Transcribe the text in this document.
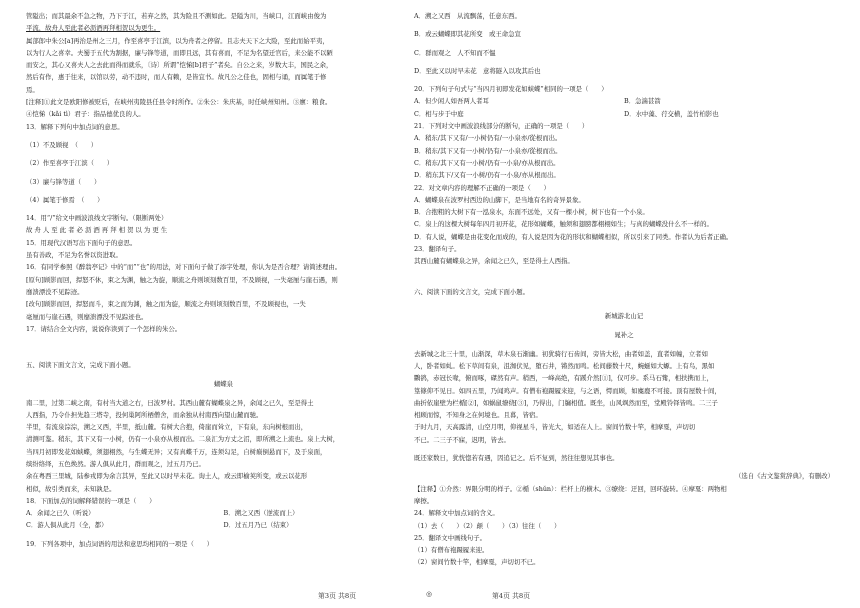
管隘出；而其最余不急之物，乃下于江，若弃之然，其为险且不测如此。是隘为川，当峡口，江面峡由俊为

平流，故舟人至此者必沥酒再拜相贺以为更生。

属部郎中朱公[a]再治是州之三月，作至喜亭于江滨，以为舟者之停留。且志夫天下之大险，至此而始平夷，

以为行人之喜幸。夫蜀于五代为割据，廉与锋等道，而即且远，其有喜而，不足为名望迁官后，来公能不以陋

而安之，其心又喜夫人之去此而得而就乐，〔诗〕所谓“恺悌[b]君子”者矣。自公之来，岁数大丰，国民之余，

然后有作，惠于往来，以馆以劳，动不违时，而人有赖，是皆宜书。故凡公之佳也，固相与诵，而属笔于修

焉。

[注释]①此文是欧阳修被贬后，在峡州夷陵县任县令时所作。②朱公：朱庆基，时任峡州知州。③廪：粮食。

④恺悌（kǎi tì）君子：指品德优良的人。

13．解释下列句中加点词的意思。

（1）不及顾视　（　　）

（2）作至喜亭于江滨（　　）

（3）廉与锋等道（　　）

（4）属笔于修焉　（　　）

14．用“/”给文中画波浪线文字断句。（限断两处）

故 舟 人 至 此 者 必 沥 酒 再 拜 相 贺 以 为 更 生

15．用现代汉语写出下面句子的意思。

虽有善政，不足为名誉以资进取。

16．有同学参照《醉翁亭记》中的“而”“也”的用法，对下面句子做了添字处理，你认为是否合理？请简述理由。

[原句]顾影而回，捍怒不休，束之为渊，触之为旋，顺流之舟则顷刻数百里，不及顾视，一失毫厘与崖石遇，则

靡溃漂没不见踪迹。

[改句]顾影而回，捍怒而斗，束之而为渊，触之而为旋，顺流之舟则顷刻数百里，不及顾视也，一失

毫厘而与崖石遇，则靡溃漂没不见踪迹也。

17．请结合全文内容，说说你读到了一个怎样的朱公。

五、阅读下面文言文，完成下面小题。

蝴蝶泉

南二里，过第二峡之南，有村当大道之右，曰波罗村。其西山麓有蝴蝶泉之异，余闻之已久，至是得土

人西指，乃令仆担先趋三塔寺，投何巢阿所栖僧舍，而余独从村南西向望山麓而驰。

半里，有流泉淙淙，溯之又西，半里，抵山麓。有树大合抱，倚崖而耸立，下有泉，东向树根而出，

清测可鉴。稍东，其下又有一小树，仍有一小泉亦从根而出。二泉汇为方丈之沼，即所溯之上流也。泉上大树，

当四月初即发花如蛱蝶，须翅栩然，与生蝶无异；又有真蝶千万，连须勾足，自树巅倒悬而下，及于泉面，

缤纷络绎，五色焕然。游人俱从此月，群而观之，过五月乃已。

余在粤西三里城，陆参戎即为余言其异，至此又以时早未花。询土人，或云即榆荚所变，或云以花形

相似，故引类而来，未知孰是。

18．下面加点的词解释错误的一项是（　　）

A．余闻之已久（听说）	B．溯之又西（逆流而上）
C．游人俱从此月（全，都）	D．过五月乃已（结束）

19．下列各项中，加点词语的用法和意思均相同的一项是（　　）

A．溯之又西　从流飘荡，任意东西。

B．或云蝴蝶即其花所变　或王命急宣

C．群而观之　人不知而不愠

D．至此又以时早未花　意将隧入以攻其后也

20．下列句子句式与“当四月初即发花如蛱蝶”相同的一项是（　　）

A．但少闲人如吾两人者耳	B．急湍甚箭
C．相与步于中庭	D．水中藻、荇交横，盖竹柏影也

21．下列对文中画波浪线部分的断句，正确的一项是（　　）

A．稍东/其下又有/一小树仍有/一小泉亦/從根而出。

B．稍东/其下又有一小树/仍有/一小泉亦/從根而出。

C．稍东/其下又有一小树/仍有一小泉/亦从根而出。

D．稍东其下/又有一小树/仍有一小泉/亦从根而出。

22．对文章内容的理解不正确的一项是（　　）

A．蝴蝶泉在波罗村西边的山脚下，是当地有名的奇异景象。

B．合抱粗的大树下有一泓泉水，东面不远处，又有一棵小树，树下也有一个小泉。

C．泉上的这棵大树每年四月初开花，花形如蝴蝶，触须和翅膀都栩栩如生；与真的蝴蝶没什么不一样的。

D．有人说，蝴蝶是由花变化而成的，有人说是因为花的形状和蝴蝶相似，所以引来了同类。作者认为后者正确。

23．翻译句子。

其西山麓有蝴蝶泉之异，余闻之已久，至是得土人西指。

六、阅读下面的文言文，完成下面小题。

新城游北山记

晁补之

去新城之北三十里，山渐深，草木泉石渐幽。初犹骑行石齿间，旁皆大松，曲者如盖，直者如幢，立者如

人，卧者如虬。松下草间有泉，沮洳伏见，堕石井，锵然而鸣。松间藤数十尺，蜿蜒如大螈。上有鸟，黑如

鸜鹆，赤冠长喙，俯而啄，磔然有声。稍西，一峰高绝，有蹊介然[①]，仅可步。系马石觜，相扶携而上，

篁篠仰不见日。如四五里，乃闻鸡声。有僧布袍蹑履来迎，与之语，愕而顾，如麋鹿不可接。顶有屋数十间，

曲折依崖壁为栏楯[②]，如蜗鼠缭绕[③]，乃得出，门牖相值。既坐，山风飒然而至，堂殿铃铎皆鸣。二三子

相顾而惊，不知身之在何境也。且暮，皆宿。

于时九月，天高露清，山空月明，仰视星斗，皆光大，如适在人上。窗间竹数十竿，相摩戛，声切切

不已。二三子不寐，迟明，皆去。

既还家数日，犹恍惚若有遇，因追记之。后不复到，然往往想见其事也。

（选自《古文鉴赏辞典》，有删改）

【注释】①介然：界限分明的样子。②楯（shǔn）：栏杆上的横木。③缭绕：迂回，回环旋转。④摩戛：两物相

摩擦。

24．解释文中加点词的含义。

（1）去（　　）（2）颠（　　）（3）往往（　　）

25．翻译文中画线句子。

（1）有僧布袍蹑履来迎。

（2）窗间竹数十竿，相摩戛，声切切不已。

第3页 共8页	◎	第4页 共8页
